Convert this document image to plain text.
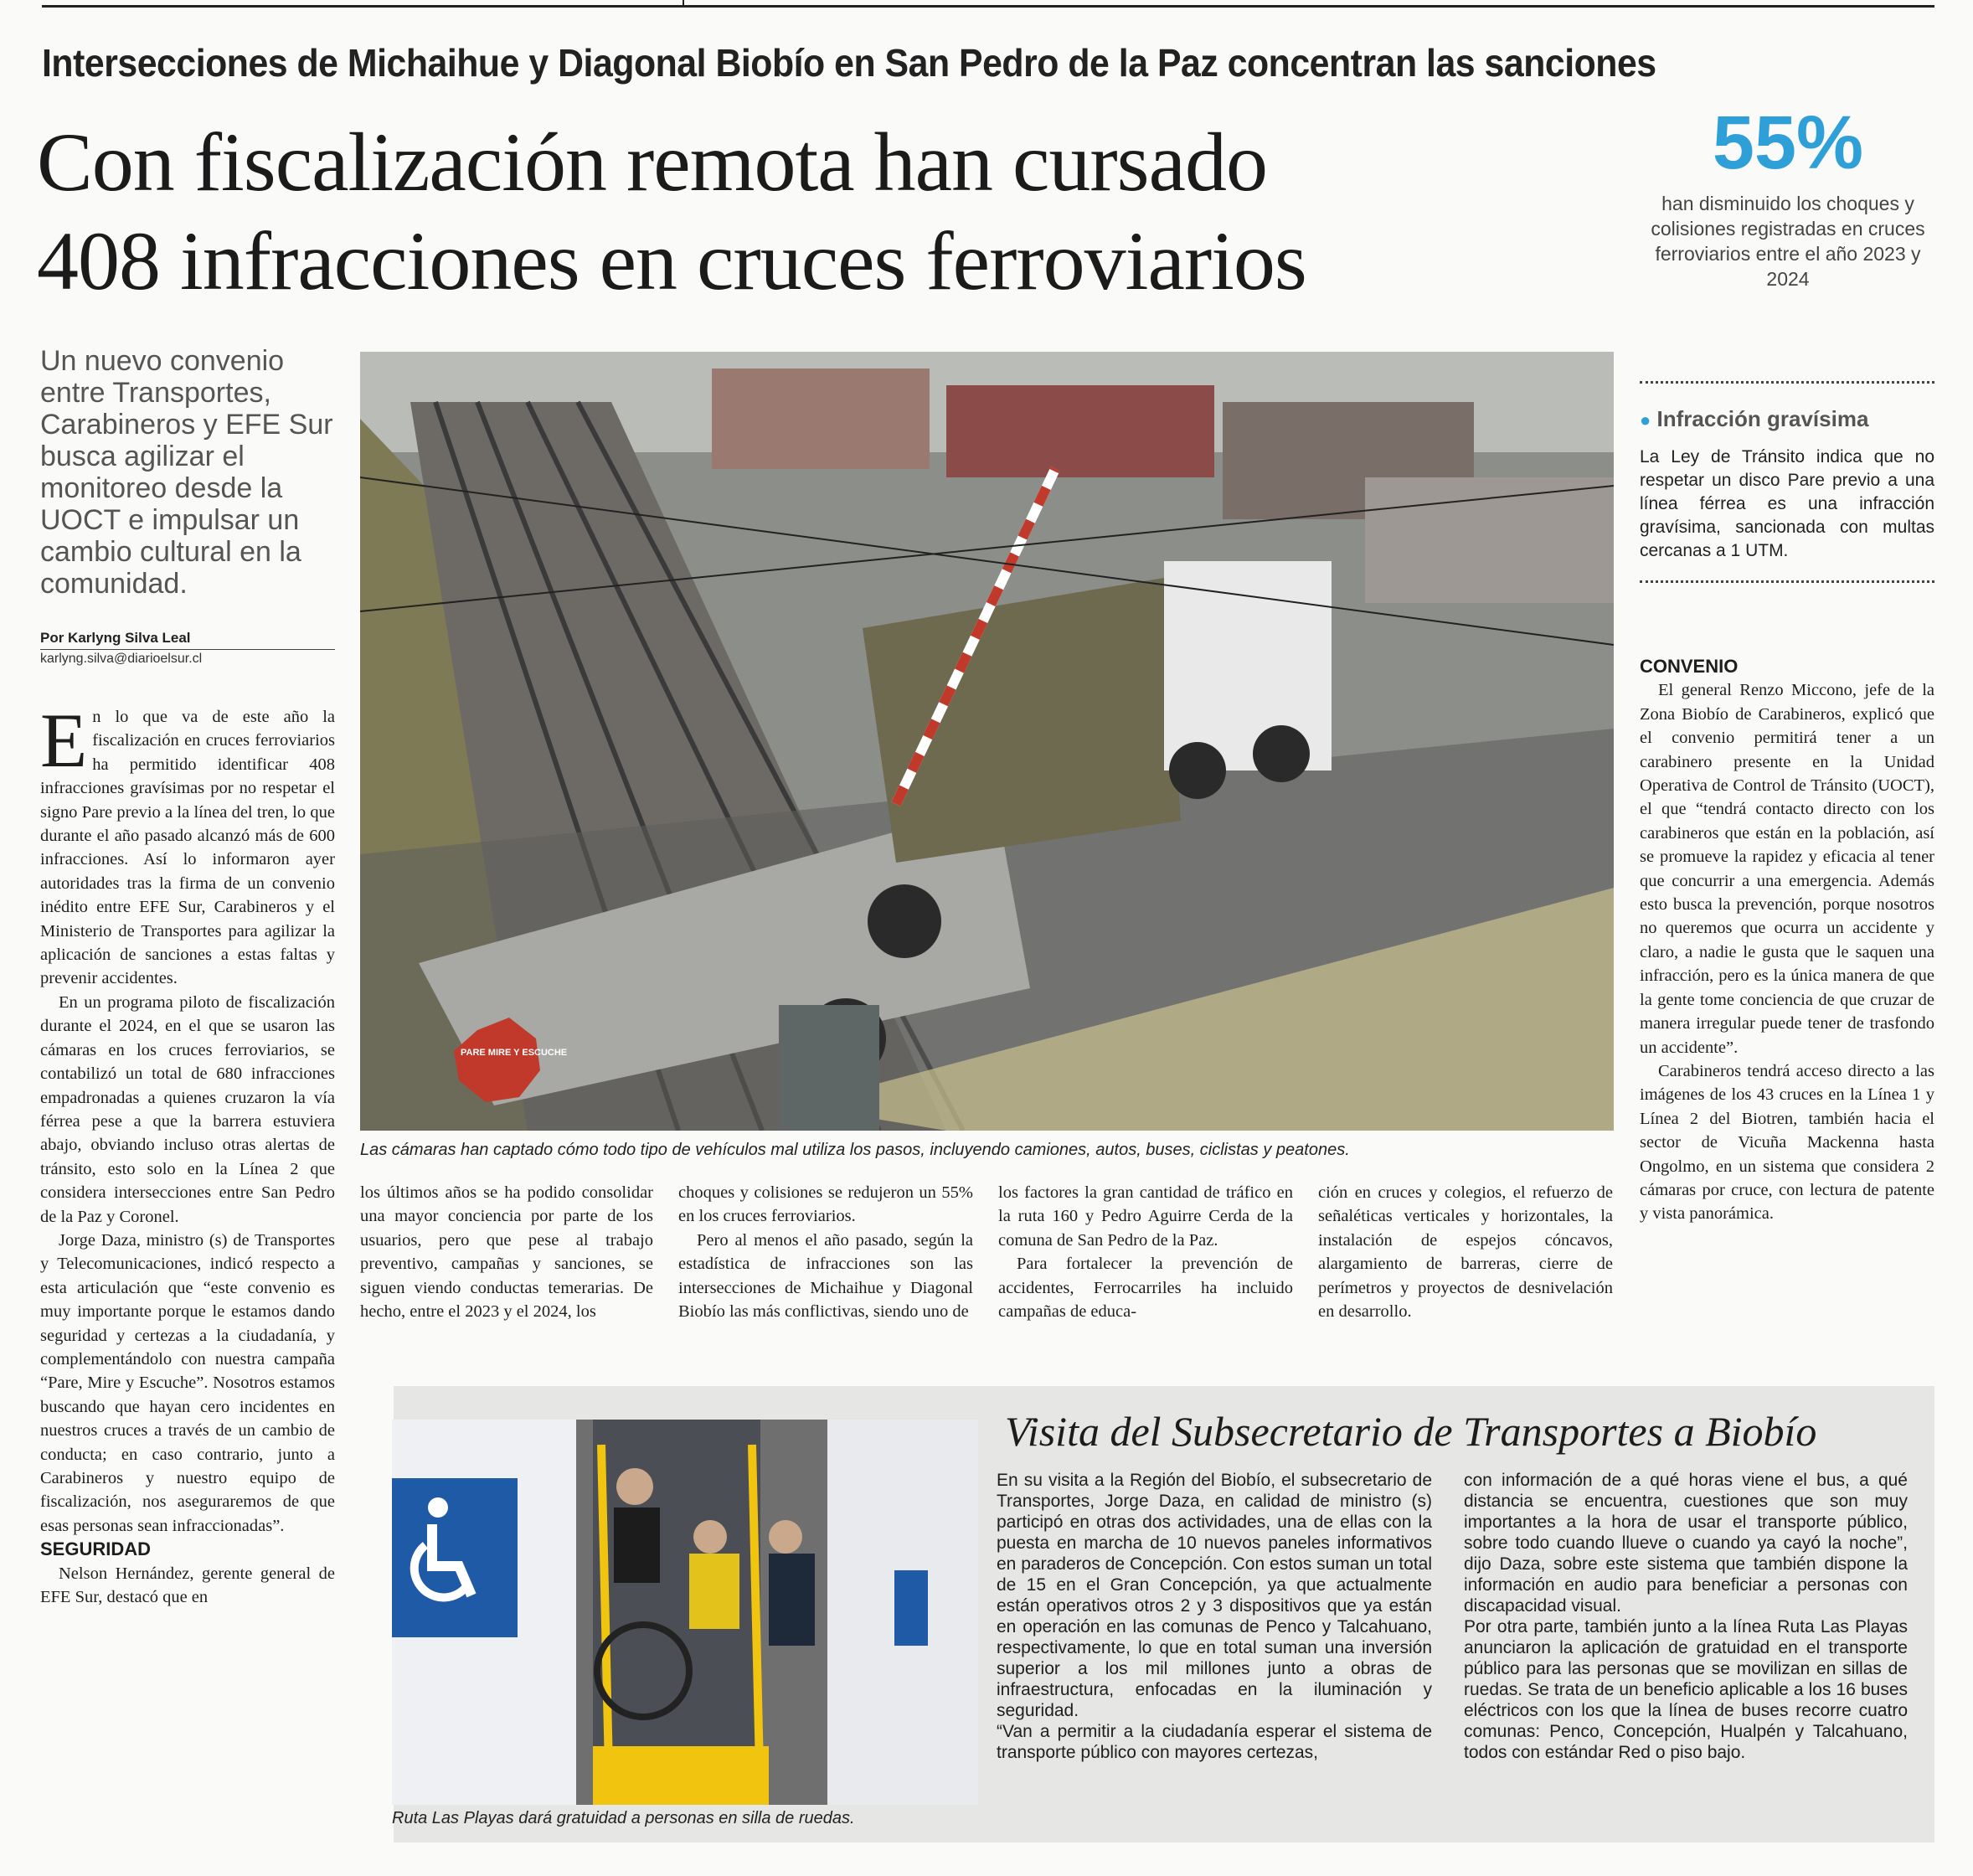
Intersecciones de Michaihue y Diagonal Biobío en San Pedro de la Paz concentran las sanciones
Con fiscalización remota han cursado
408 infracciones en cruces ferroviarios
55%
han disminuido los choques y colisiones registradas en cruces ferroviarios entre el año 2023 y 2024
Un nuevo convenio entre Transportes, Carabineros y EFE Sur busca agilizar el monitoreo desde la UOCT e impulsar un cambio cultural en la comunidad.
Por Karlyng Silva Leal
karlyng.silva@diarioelsur.cl
PARE MIRE Y ESCUCHE
Las cámaras han captado cómo todo tipo de vehículos mal utiliza los pasos, incluyendo camiones, autos, buses, ciclistas y peatones.

En lo que va de este año la fiscalización en cruces ferroviarios ha permitido identificar 408 infracciones gravísimas por no respetar el signo Pare previo a la línea del tren, lo que durante el año pasado alcanzó más de 600 infracciones. Así lo informaron ayer autoridades tras la firma de un convenio inédito entre EFE Sur, Carabineros y el Ministerio de Transportes para agilizar la aplicación de sanciones a estas faltas y prevenir accidentes.

En un programa piloto de fiscalización durante el 2024, en el que se usaron las cámaras en los cruces ferroviarios, se contabilizó un total de 680 infracciones empadronadas a quienes cruzaron la vía férrea pese a que la barrera estuviera abajo, obviando incluso otras alertas de tránsito, esto solo en la Línea 2 que considera intersecciones entre San Pedro de la Paz y Coronel.

Jorge Daza, ministro (s) de Transportes y Telecomunicaciones, indicó respecto a esta articulación que “este convenio es muy importante porque le estamos dando seguridad y certezas a la ciudadanía, y complementándolo con nuestra campaña “Pare, Mire y Escuche”. Nosotros estamos buscando que hayan cero incidentes en nuestros cruces a través de un cambio de conducta; en caso contrario, junto a Carabineros y nuestro equipo de fiscalización, nos aseguraremos de que esas personas sean infraccionadas”.

SEGURIDAD

Nelson Hernández, gerente general de EFE Sur, destacó que en

los últimos años se ha podido consolidar una mayor conciencia por parte de los usuarios, pero que pese al trabajo preventivo, campañas y sanciones, se siguen viendo conductas temerarias. De hecho, entre el 2023 y el 2024, los

choques y colisiones se redujeron un 55% en los cruces ferroviarios.

Pero al menos el año pasado, según la estadística de infracciones son las intersecciones de Michaihue y Diagonal Biobío las más conflictivas, siendo uno de

los factores la gran cantidad de tráfico en la ruta 160 y Pedro Aguirre Cerda de la comuna de San Pedro de la Paz.

Para fortalecer la prevención de accidentes, Ferrocarriles ha incluido campañas de educa-

ción en cruces y colegios, el refuerzo de señaléticas verticales y horizontales, la instalación de espejos cóncavos, alargamiento de barreras, cierre de perímetros y proyectos de desnivelación en desarrollo.

● Infracción gravísima
La Ley de Tránsito indica que no respetar un disco Pare previo a una línea férrea es una infracción gravísima, sancionada con multas cercanas a 1 UTM.

CONVENIO

El general Renzo Miccono, jefe de la Zona Biobío de Carabineros, explicó que el convenio permitirá tener a un carabinero presente en la Unidad Operativa de Control de Tránsito (UOCT), el que “tendrá contacto directo con los carabineros que están en la población, así se promueve la rapidez y eficacia al tener que concurrir a una emergencia. Además esto busca la prevención, porque nosotros no queremos que ocurra un accidente y claro, a nadie le gusta que le saquen una infracción, pero es la única manera de que la gente tome conciencia de que cruzar de manera irregular puede tener de trasfondo un accidente”.

Carabineros tendrá acceso directo a las imágenes de los 43 cruces en la Línea 1 y Línea 2 del Biotren, también hacia el sector de Vicuña Mackenna hasta Ongolmo, en un sistema que considera 2 cámaras por cruce, con lectura de patente y vista panorámica.

Ruta Las Playas dará gratuidad a personas en silla de ruedas.
Visita del Subsecretario de Transportes a Biobío

En su visita a la Región del Biobío, el subsecretario de Transportes, Jorge Daza, en calidad de ministro (s) participó en otras dos actividades, una de ellas con la puesta en marcha de 10 nuevos paneles informativos en paraderos de Concepción. Con estos suman un total de 15 en el Gran Concepción, ya que actualmente están operativos otros 2 y 3 dispositivos que ya están en operación en las comunas de Penco y Talcahuano, respectivamente, lo que en total suman una inversión superior a los mil millones junto a obras de infraestructura, enfocadas en la iluminación y seguridad.

“Van a permitir a la ciudadanía esperar el sistema de transporte público con mayores certezas,

con información de a qué horas viene el bus, a qué distancia se encuentra, cuestiones que son muy importantes a la hora de usar el transporte público, sobre todo cuando llueve o cuando ya cayó la noche”, dijo Daza, sobre este sistema que también dispone la información en audio para beneficiar a personas con discapacidad visual.

Por otra parte, también junto a la línea Ruta Las Playas anunciaron la aplicación de gratuidad en el transporte público para las personas que se movilizan en sillas de ruedas. Se trata de un beneficio aplicable a los 16 buses eléctricos con los que la línea de buses recorre cuatro comunas: Penco, Concepción, Hualpén y Talcahuano, todos con estándar Red o piso bajo.
